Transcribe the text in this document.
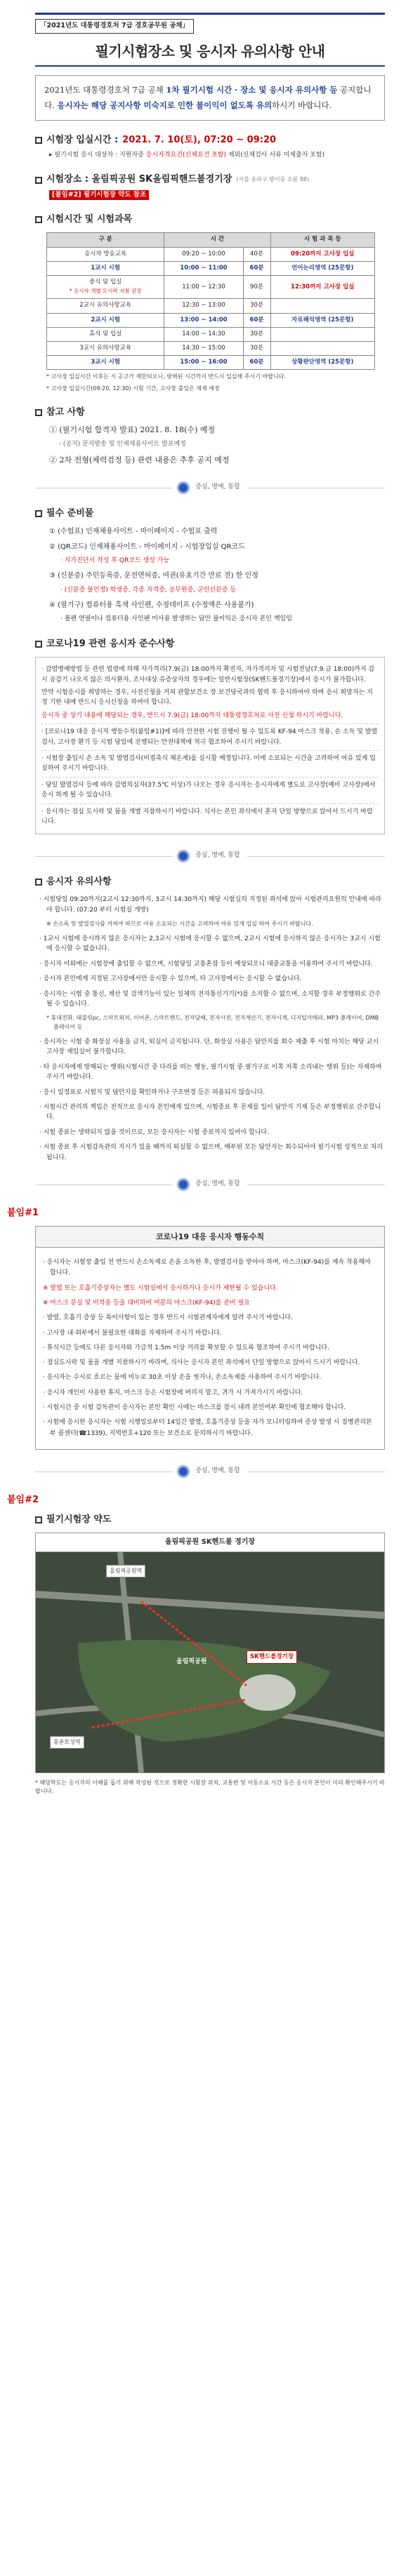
「2021년도 대통령경호처 7급 경호공무원 공채」
필기시험장소 및 응시자 유의사항 안내
2021년도 대통령경호처 7급 공채 1차 필기시험 시간 · 장소 및 응시자 유의사항 등 공지합니다. 응시자는 해당 공지사항 미숙지로 인한 불이익이 없도록 유의하시기 바랍니다.
시험장 입실시간 : 2021. 7. 10(토), 07:20 ~ 09:20
▸ 필기시험 응시 대상자 : 지원자중 응시자격요건(신체요건 포함) 제외(신체검사 서류 미제출자 포함)
시험장소 : 올림픽공원 SK올림픽핸드볼경기장 (서울 송파구 방이동 오륜 88)
[붙임#2] 필기시험장 약도 참조
시험시간 및 시험과목
구 분	시 간		시 험 과 목 등
응시자 방송교육	09:20 ~ 10:00	40분	09:20까지 고사장 입실
1교시 시험	10:00 ~ 11:00	60분	언어논리영역 (25문항)
중식 및 입실
* 응시자 개별 도시락 지참 권장	11:00 ~ 12:30	90분	12:30까지 고사장 입실
2교시 유의사항교육	12:30 ~ 13:00	30분	
2교시 시험	13:00 ~ 14:00	60분	자료해석영역 (25문항)
휴식 및 입실	14:00 ~ 14:30	30분	
3교시 유의사항교육	14:30 ~ 15:00	30분	
3교시 시험	15:00 ~ 16:00	60분	상황판단영역 (25문항)
* 고사장 입실시간 이후는 시 공고가 제한되오니, 방해된 시간까지 반드시 입실해 주시기 바랍니다.
* 고사장 입실시간(09:20, 12:30) 시험 기간, 고사장 출입은 제재 예정
참고 사항
① (필기시험 합격자 발표) 2021. 8. 18(수) 예정
- (공지) 문자발송 및 인재채용사이트 발표예정
② 2차 전형(체력검정 등) 관련 내용은 추후 공지 예정
중심, 명예, 통합
필수 준비물

① (수험표) 인재채용사이트 - 마이페이지 - 수험표 출력

② (QR코드) 인재채용사이트 - 마이페이지 - 시험장입실 QR코드

· 지가진단서 작성 후 QR코드 생성 가능

③ (신분증) 주민등록증, 운전면허증, 여권(유효기간 만료 전) 한 인정

· (신분증 불인정) 학생증, 각종 자격증, 공무원증, 군인신분증 등

④ (필기구) 컴퓨터용 흑색 사인펜, 수정테이프 (수정액은 사용불가)

· 볼펜 연필이나 컴퓨터용 사인펜 미사용 발생하는 답안 불이익은 응시자 본인 책임임

코로나19 관련 응시자 준수사항

· 감염병예방법 등 관련 법령에 의해 자가격리(7.9(금) 18:00까지 확진자, 자가격리자 및 시험전날(7.9.금 18:00)까지 감시 공감기 나오지 않은 의사환자, 조사대상 유증상자의 경우에는 일반시험장(SK핸드볼경기장)에서 응시가 불가합니다.

만약 시험응시를 희망하는 경우, 사전신청을 거쳐 관할보건소 장 보건당국과의 협력 후 응시하여야 하며 응시 희망자는 지정 기한 내에 반드시 응시신청을 하여야 합니다.

응시자 중 상기 내용에 해당되는 경우, 반드시 7.9(금) 18:00까지 대통령경호처로 사전 신청 하시기 바랍니다.

· [코로나19 대응 응시자 행동수칙(붙임#1)]에 따라 안전한 시험 진행이 될 수 있도록 KF-94 마스크 착용, 손 소독 및 발열검사, 고사장 환기 등 시험 당일에 진행되는 안전대책에 적극 협조하여 주시기 바랍니다.

· 시험장 출입시 손 소독 및 발열검사(비접촉식 체온계)를 실시할 예정입니다. 이에 소요되는 시간을 고려하여 여유 있게 입실하여 주시기 바랍니다.

· 당일 발열검사 등에 따라 감염의심자(37.5℃ 이상)가 나오는 경우 응시자는 응시자에게 별도로 고사장(예비 고사장)에서 응시 하게 될 수 있습니다.

· 응시자는 점심 도시락 및 물을 개별 지참하시기 바랍니다. 식사는 본인 좌석에서 혼자 단일 방향으로 앉아서 드시기 바랍니다.

중심, 명예, 통합
응시자 유의사항

· 시험당일 09:20까지(2교시 12:30까지, 3교시 14:30까지) 해당 시험실의 지정된 좌석에 앉아 시험관리요원의 안내에 따라야 합니다. (07:20 부터 시험실 개방)

※ 손소독 및 발열검사를 거쳐야 하므로 여유 소요되는 시간을 고려하여 여유 있게 입실 하여 주시기 바랍니다.

· 1교시 시험에 응시하지 않은 응시자는 2,3교시 시험에 응시할 수 없으며, 2교시 시험에 응시하지 않은 응시자는 3교시 시험에 응시할 수 없습니다.

· 응시자 이외에는 시험장에 출입할 수 없으며, 시험당일 교통혼잡 등이 예상되오니 대중교통을 이용하여 주시기 바랍니다.

· 응시자 본인에게 지정된 고사장에서만 응시할 수 있으며, 타 고사장에서는 응시할 수 없습니다.

· 응시자는 시험 중 통신, 계산 및 검색기능이 있는 일체의 전자통신기기(*)를 소지할 수 없으며, 소지할 경우 부정행위로 간주될 수 있습니다.

* 휴대전화, 태블릿pc, 스마트워치, 이어폰, 스마트밴드, 전자담배, 전자사전, 전자계산기, 전자시계, 디지털카메라, MP3 플레이어, DMB 플레이어 등

· 응시자는 시험 중 화장실 사용을 금지, 퇴실이 금지됩니다. 단, 화장실 사용은 답안지를 회수 제출 후 시험 마치는 해당 교시 고사장 재입실이 불가합니다.

· 타 응시자에게 방해되는 행위(시험시간 중 다리를 떠는 행동, 필기시험 중 필기구로 이쪽 저쪽 소리내는 행위 등)는 자제하여 주시기 바랍니다.

· 응시 일정표로 시험지 및 답안지를 확인하거나 구조변경 등은 허용되지 않습니다.

· 시험시간 관리의 책임은 전적으로 응시자 본인에게 있으며, 시험종료 후 문제를 일이 답안지 기재 등은 부정행위로 간주합니다.

· 시험 종료는 생략되지 않을 것이므로, 모든 응시자는 시험 종료까지 있어야 합니다.

· 시험 종료 후 시험감독관의 지시가 있을 때까지 퇴실할 수 없으며, 배부된 모든 답안지는 회수되어야 필기시험 성적으로 처리됩니다.

중심, 명예, 통합
붙임#1
코로나19 대응 응시자 행동수칙

· 응시자는 시험장 출입 전 반드시 손소독제로 손을 소독한 후, 발열검사를 받아야 하며, 마스크(KF-94)를 계속 착용해야 합니다.

※ 발열 또는 호흡기증상자는 별도 시험실에서 응시하거나 응시가 제한될 수 있습니다.

※ 마스크 분실 및 미착용 등을 대비하여 여분의 마스크(KF-94)를 준비 필요

· 발열, 호흡기 증상 등 특이사항이 있는 경우 반드시 시험관계자에게 알려 주시기 바랍니다.

· 고사장 내·외부에서 불필요한 대화를 자제하여 주시기 바랍니다.

· 휴식시간 등에도 다른 응시자와 가급적 1.5m 이상 거리를 확보할 수 있도록 협조하여 주시기 바랍니다.

· 점심도시락 및 물을 개별 지참하시기 바라며, 식사는 응시자 본인 좌석에서 단일 방향으로 앉아서 드시기 바랍니다.

· 응시자는 수시로 흐르는 물에 비누로 30초 이상 손을 씻거나, 손소독제를 사용하여 주시기 바랍니다.

· 응시자 개인이 사용한 휴지, 마스크 등은 시험장에 버리지 말고, 귀가 시 가져가시기 바랍니다.

· 시험시간 중 시험 감독관이 응시자는 본인 확인 시에는 마스크를 잠시 내려 본인여부 확인에 협조해야 합니다.

· 시험에 응시한 응시자는 시험 시행일로부터 14일간 발열, 호흡기증상 등을 자가 모니터링하여 증상 발생 시 질병관리본부 콜센터(☎1339), 지역번호+120 또는 보건소로 문의하시기 바랍니다.

중심, 명예, 통합
붙임#2
필기시험장 약도
올림픽공원 SK핸드볼 경기장
올림픽공원역
SK핸드볼경기장
몽촌토성역
올림픽공원
* 해당학도는 응시자의 이해를 돕기 위해 작성된 것으로 정확한 시험장 위치, 교통편 및 이동소요 시간 등은 응시자 본인이 미리 확인해주시기 바랍니다.
